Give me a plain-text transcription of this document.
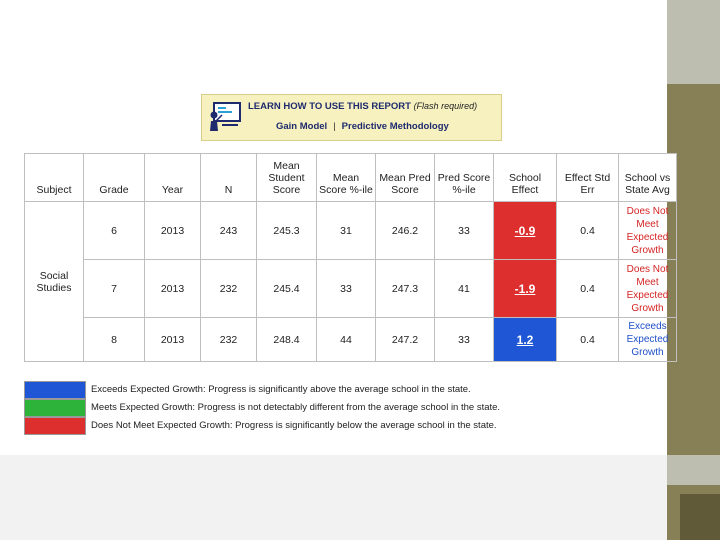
LEARN HOW TO USE THIS REPORT (Flash required)
Gain Model | Predictive Methodology
Subject	Grade	Year	N	Mean Student Score	Mean Score %-ile	Mean Pred Score	Pred Score %-ile	School Effect	Effect Std Err	School vs State Avg
Social Studies	6	2013	243	245.3	31	246.2	33	-0.9	0.4	Does Not Meet Expected Growth
	7	2013	232	245.4	33	247.3	41	-1.9	0.4	Does Not Meet Expected Growth
	8	2013	232	248.4	44	247.2	33	1.2	0.4	Exceeds Expected Growth
Exceeds Expected Growth: Progress is significantly above the average school in the state.
Meets Expected Growth: Progress is not detectably different from the average school in the state.
Does Not Meet Expected Growth: Progress is significantly below the average school in the state.
